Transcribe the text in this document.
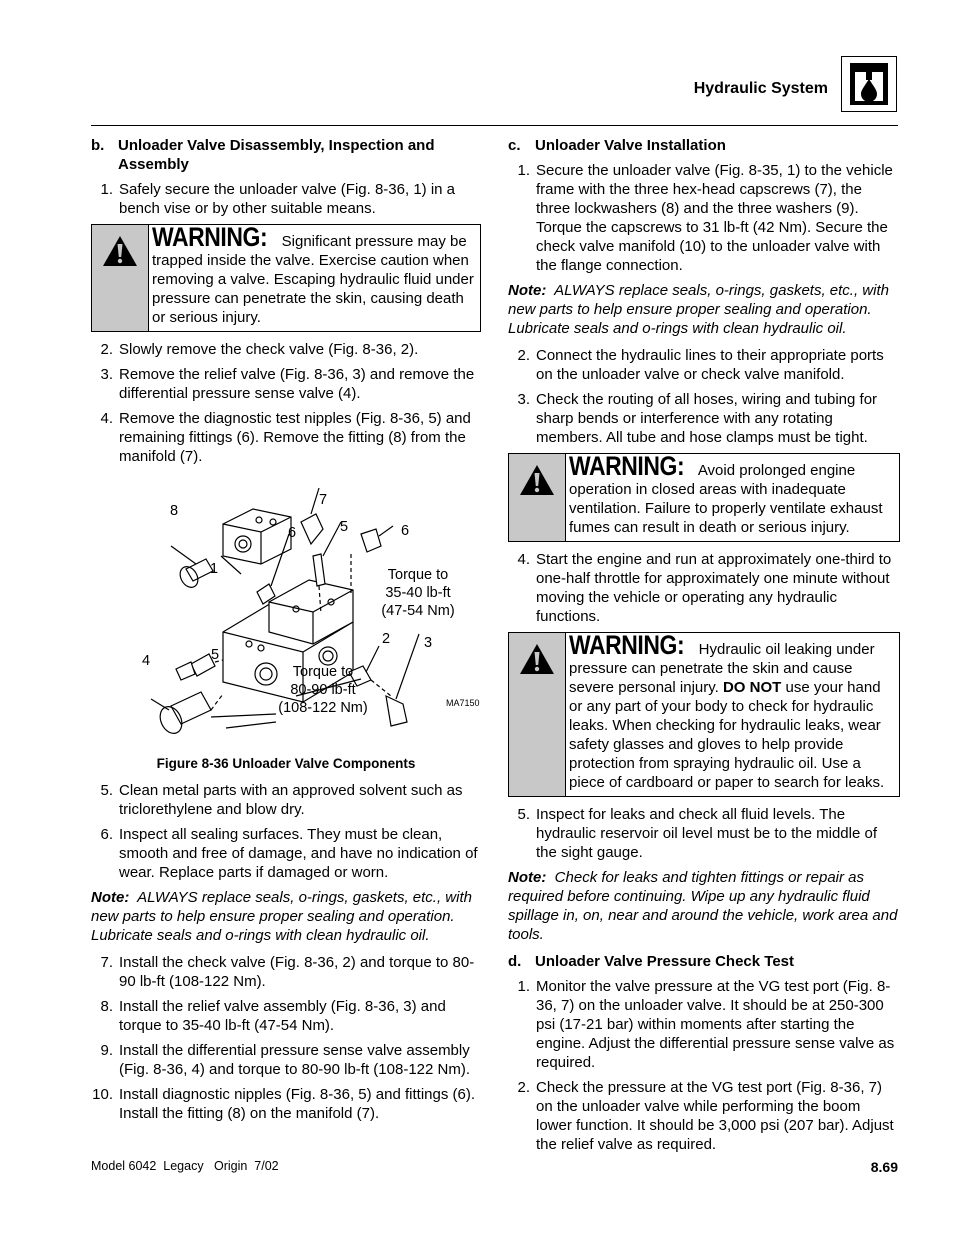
Hydraulic System
b. Unloader Valve Disassembly, Inspection and Assembly
1. Safely secure the unloader valve (Fig. 8-36, 1) in a bench vise or by other suitable means.
WARNING: Significant pressure may be trapped inside the valve. Exercise caution when removing a valve. Escaping hydraulic fluid under pressure can penetrate the skin, causing death or serious injury.
2. Slowly remove the check valve (Fig. 8-36, 2).
3. Remove the relief valve (Fig. 8-36, 3) and remove the differential pressure sense valve (4).
4. Remove the diagnostic test nipples (Fig. 8-36, 5) and remaining fittings (6). Remove the fitting (8) from the manifold (7).
8
7
6	5	6
1
4	5
2 3
Torque to
35-40 lb-ft
(47-54 Nm)
Torque to
80-90 lb-ft
(108-122 Nm)	MA7150
Figure 8-36 Unloader Valve Components
5. Clean metal parts with an approved solvent such as triclorethylene and blow dry.
6. Inspect all sealing surfaces. They must be clean, smooth and free of damage, and have no indication of wear. Replace parts if damaged or worn.
Note: ALWAYS replace seals, o-rings, gaskets, etc., with new parts to help ensure proper sealing and operation. Lubricate seals and o-rings with clean hydraulic oil.
7. Install the check valve (Fig. 8-36, 2) and torque to 80-90 lb-ft (108-122 Nm).
8. Install the relief valve assembly (Fig. 8-36, 3) and torque to 35-40 lb-ft (47-54 Nm).
9. Install the differential pressure sense valve assembly (Fig. 8-36, 4) and torque to 80-90 lb-ft (108-122 Nm).
10. Install diagnostic nipples (Fig. 8-36, 5) and fittings (6). Install the fitting (8) on the manifold (7).
c. Unloader Valve Installation
1. Secure the unloader valve (Fig. 8-35, 1) to the vehicle frame with the three hex-head capscrews (7), the three lockwashers (8) and the three washers (9). Torque the capscrews to 31 lb-ft (42 Nm). Secure the check valve manifold (10) to the unloader valve with the flange connection.
Note: ALWAYS replace seals, o-rings, gaskets, etc., with new parts to help ensure proper sealing and operation. Lubricate seals and o-rings with clean hydraulic oil.
2. Connect the hydraulic lines to their appropriate ports on the unloader valve or check valve manifold.
3. Check the routing of all hoses, wiring and tubing for sharp bends or interference with any rotating members. All tube and hose clamps must be tight.
WARNING: Avoid prolonged engine operation in closed areas with inadequate ventilation. Failure to properly ventilate exhaust fumes can result in death or serious injury.
4. Start the engine and run at approximately one-third to one-half throttle for approximately one minute without moving the vehicle or operating any hydraulic functions.
WARNING: Hydraulic oil leaking under pressure can penetrate the skin and cause severe personal injury. DO NOT use your hand or any part of your body to check for hydraulic leaks. When checking for hydraulic leaks, wear safety glasses and gloves to help provide protection from spraying hydraulic oil. Use a piece of cardboard or paper to search for leaks.
5. Inspect for leaks and check all fluid levels. The hydraulic reservoir oil level must be to the middle of the sight gauge.
Note: Check for leaks and tighten fittings or repair as required before continuing. Wipe up any hydraulic fluid spillage in, on, near and around the vehicle, work area and tools.
d. Unloader Valve Pressure Check Test
1. Monitor the valve pressure at the VG test port (Fig. 8-36, 7) on the unloader valve. It should be at 250-300 psi (17-21 bar) within moments after starting the engine. Adjust the differential pressure sense valve as required.
2. Check the pressure at the VG test port (Fig. 8-36, 7) on the unloader valve while performing the boom lower function. It should be 3,000 psi (207 bar). Adjust the relief valve as required.
Model 6042  Legacy   Origin  7/02	8.69
